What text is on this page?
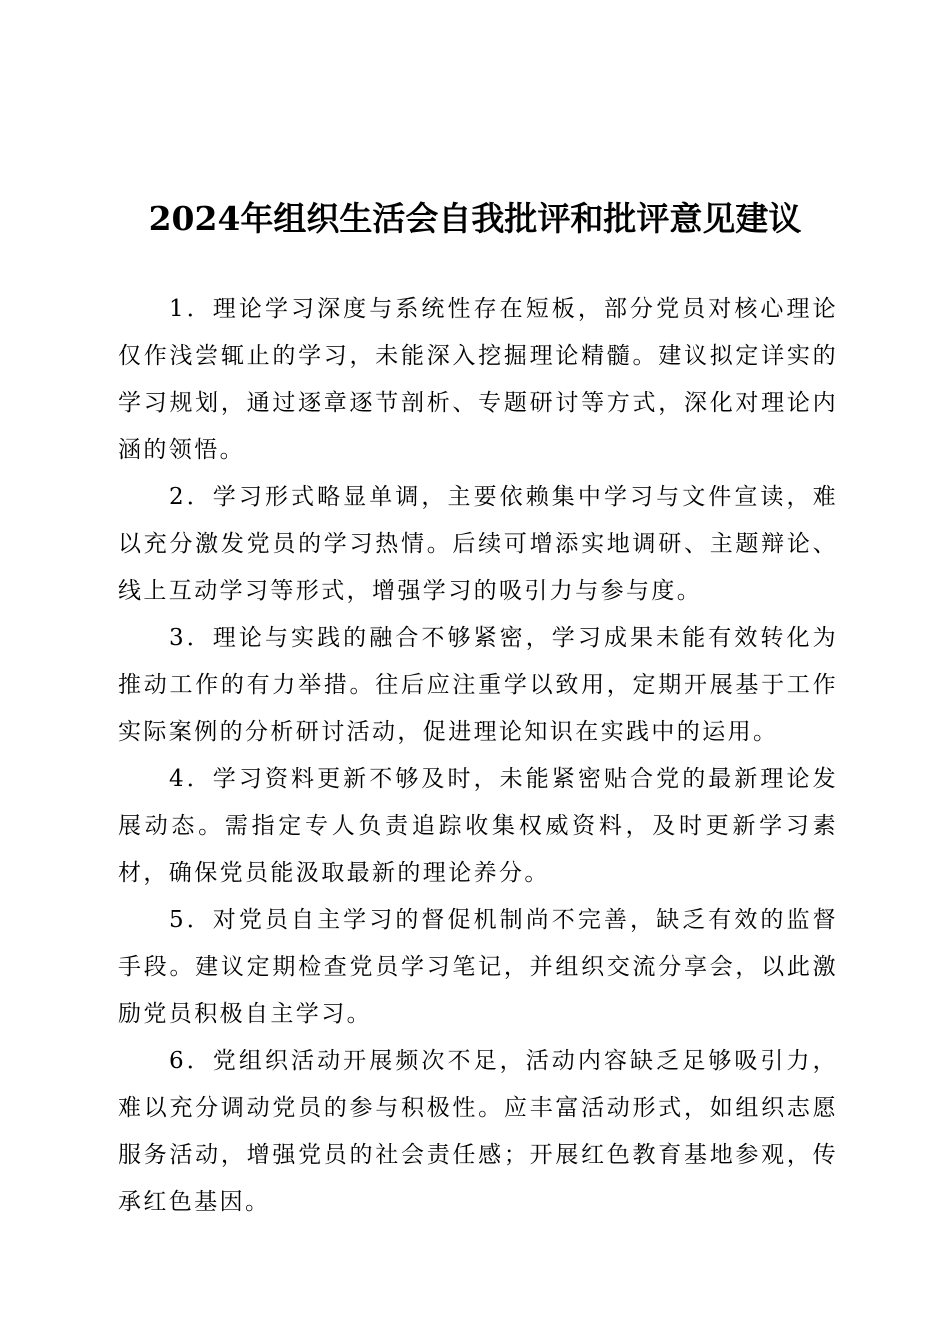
2024年组织生活会自我批评和批评意见建议

1．理论学习深度与系统性存在短板，部分党员对核心理论仅作浅尝辄止的学习，未能深入挖掘理论精髓。建议拟定详实的学习规划，通过逐章逐节剖析、专题研讨等方式，深化对理论内涵的领悟。

2．学习形式略显单调，主要依赖集中学习与文件宣读，难以充分激发党员的学习热情。后续可增添实地调研、主题辩论、线上互动学习等形式，增强学习的吸引力与参与度。

3．理论与实践的融合不够紧密，学习成果未能有效转化为推动工作的有力举措。往后应注重学以致用，定期开展基于工作实际案例的分析研讨活动，促进理论知识在实践中的运用。

4．学习资料更新不够及时，未能紧密贴合党的最新理论发展动态。需指定专人负责追踪收集权威资料，及时更新学习素材，确保党员能汲取最新的理论养分。

5．对党员自主学习的督促机制尚不完善，缺乏有效的监督手段。建议定期检查党员学习笔记，并组织交流分享会，以此激励党员积极自主学习。

6．党组织活动开展频次不足，活动内容缺乏足够吸引力，难以充分调动党员的参与积极性。应丰富活动形式，如组织志愿服务活动，增强党员的社会责任感；开展红色教育基地参观，传承红色基因。
